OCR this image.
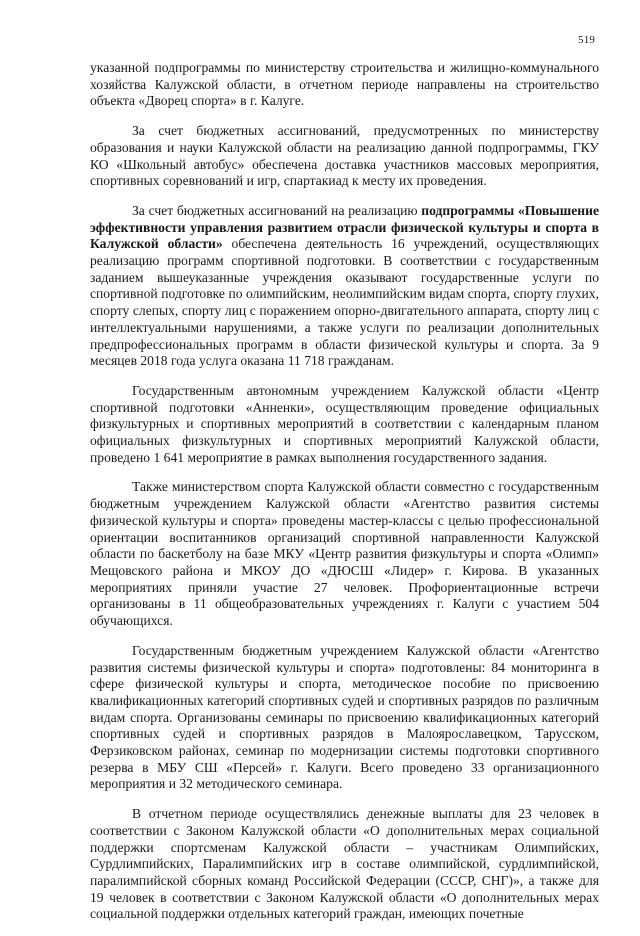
519

указанной подпрограммы по министерству строительства и жилищно-коммунального хозяйства Калужской области, в отчетном периоде направлены на строительство объекта «Дворец спорта» в г. Калуге.

За счет бюджетных ассигнований, предусмотренных по министерству образования и науки Калужской области на реализацию данной подпрограммы, ГКУ КО «Школьный автобус» обеспечена доставка участников массовых мероприятия, спортивных соревнований и игр, спартакиад к месту их проведения.

За счет бюджетных ассигнований на реализацию подпрограммы «Повышение эффективности управления развитием отрасли физической культуры и спорта в Калужской области» обеспечена деятельность 16 учреждений, осуществляющих реализацию программ спортивной подготовки. В соответствии с государственным заданием вышеуказанные учреждения оказывают государственные услуги по спортивной подготовке по олимпийским, неолимпийским видам спорта, спорту глухих, спорту слепых, спорту лиц с поражением опорно-двигательного аппарата, спорту лиц с интеллектуальными нарушениями, а также услуги по реализации дополнительных предпрофессиональных программ в области физической культуры и спорта. За 9 месяцев 2018 года услуга оказана 11 718 гражданам.

Государственным автономным учреждением Калужской области «Центр спортивной подготовки «Анненки», осуществляющим проведение официальных физкультурных и спортивных мероприятий в соответствии с календарным планом официальных физкультурных и спортивных мероприятий Калужской области, проведено 1 641 мероприятие в рамках выполнения государственного задания.

Также министерством спорта Калужской области совместно с государственным бюджетным учреждением Калужской области «Агентство развития системы физической культуры и спорта» проведены мастер-классы с целью профессиональной ориентации воспитанников организаций спортивной направленности Калужской области по баскетболу на базе МКУ «Центр развития физкультуры и спорта «Олимп» Мещовского района и МКОУ ДО «ДЮСШ «Лидер» г. Кирова. В указанных мероприятиях приняли участие 27 человек. Профориентационные встречи организованы в 11 общеобразовательных учреждениях г. Калуги с участием 504 обучающихся.

Государственным бюджетным учреждением Калужской области «Агентство развития системы физической культуры и спорта» подготовлены: 84 мониторинга в сфере физической культуры и спорта, методическое пособие по присвоению квалификационных категорий спортивных судей и спортивных разрядов по различным видам спорта. Организованы семинары по присвоению квалификационных категорий спортивных судей и спортивных разрядов в Малоярославецком, Тарусском, Ферзиковском районах, семинар по модернизации системы подготовки спортивного резерва в МБУ СШ «Персей» г. Калуги. Всего проведено 33 организационного мероприятия и 32 методического семинара.

В отчетном периоде осуществлялись денежные выплаты для 23 человек в соответствии с Законом Калужской области «О дополнительных мерах социальной поддержки спортсменам Калужской области – участникам Олимпийских, Сурдлимпийских, Паралимпийских игр в составе олимпийской, сурдлимпийской, паралимпийской сборных команд Российской Федерации (СССР, СНГ)», а также для 19 человек в соответствии с Законом Калужской области «О дополнительных мерах социальной поддержки отдельных категорий граждан, имеющих почетные
